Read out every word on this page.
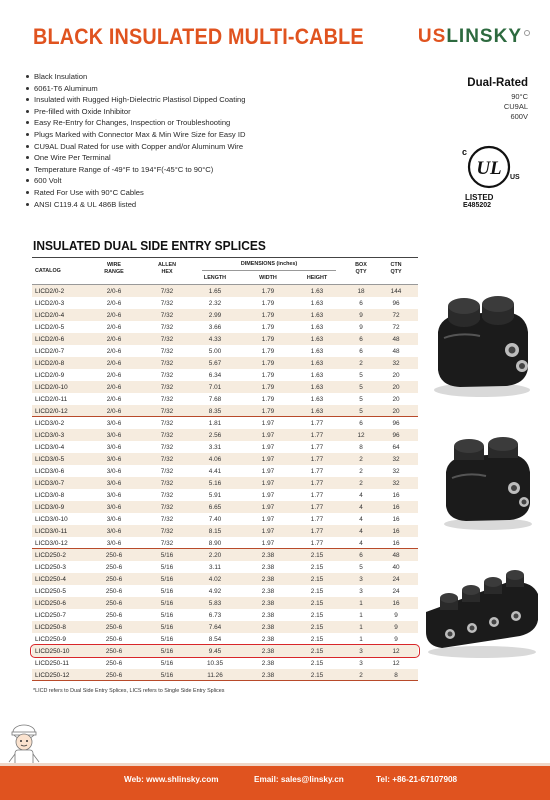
BLACK INSULATED MULTI-CABLE	USLINSKY
Black Insulation
6061-T6 Aluminum
Insulated with Rugged High-Dielectric Plastisol Dipped Coating
Pre-filled with Oxide Inhibitor
Easy Re-Entry for Changes, Inspection or Troubleshooting
Plugs Marked with Connector Max & Min Wire Size for Easy ID
CU9AL Dual Rated for use with Copper and/or Aluminum Wire
One Wire Per Terminal
Temperature Range of -49°F to 194°F(-45°C to 90°C)
600 Volt
Rated For Use with 90°C Cables
ANSI C119.4 & UL 486B listed
Dual-Rated
90°C
CU9AL
600V
UL
c
US
LISTED
E485202
INSULATED DUAL SIDE ENTRY SPLICES
CATALOG
WIRE
RANGE
ALLEN
HEX
DIMENSIONS (inches)
LENGTH	WIDTH	HEIGHT
BOX
QTY
CTN
QTY
LICD2/0-2	2/0-6	7/32	1.65	1.79	1.63	18	144
LICD2/0-3	2/0-6	7/32	2.32	1.79	1.63	6	96
LICD2/0-4	2/0-6	7/32	2.99	1.79	1.63	9	72
LICD2/0-5	2/0-6	7/32	3.66	1.79	1.63	9	72
LICD2/0-6	2/0-6	7/32	4.33	1.79	1.63	6	48
LICD2/0-7	2/0-6	7/32	5.00	1.79	1.63	6	48
LICD2/0-8	2/0-6	7/32	5.67	1.79	1.63	2	32
LICD2/0-9	2/0-6	7/32	6.34	1.79	1.63	5	20
LICD2/0-10	2/0-6	7/32	7.01	1.79	1.63	5	20
LICD2/0-11	2/0-6	7/32	7.68	1.79	1.63	5	20
LICD2/0-12	2/0-6	7/32	8.35	1.79	1.63	5	20
LICD3/0-2	3/0-6	7/32	1.81	1.97	1.77	6	96
LICD3/0-3	3/0-6	7/32	2.56	1.97	1.77	12	96
LICD3/0-4	3/0-6	7/32	3.31	1.97	1.77	8	64
LICD3/0-5	3/0-6	7/32	4.06	1.97	1.77	2	32
LICD3/0-6	3/0-6	7/32	4.41	1.97	1.77	2	32
LICD3/0-7	3/0-6	7/32	5.16	1.97	1.77	2	32
LICD3/0-8	3/0-6	7/32	5.91	1.97	1.77	4	16
LICD3/0-9	3/0-6	7/32	6.65	1.97	1.77	4	16
LICD3/0-10	3/0-6	7/32	7.40	1.97	1.77	4	16
LICD3/0-11	3/0-6	7/32	8.15	1.97	1.77	4	16
LICD3/0-12	3/0-6	7/32	8.90	1.97	1.77	4	16
LICD250-2	250-6	5/16	2.20	2.38	2.15	6	48
LICD250-3	250-6	5/16	3.11	2.38	2.15	5	40
LICD250-4	250-6	5/16	4.02	2.38	2.15	3	24
LICD250-5	250-6	5/16	4.92	2.38	2.15	3	24
LICD250-6	250-6	5/16	5.83	2.38	2.15	1	16
LICD250-7	250-6	5/16	6.73	2.38	2.15	1	9
LICD250-8	250-6	5/16	7.64	2.38	2.15	1	9
LICD250-9	250-6	5/16	8.54	2.38	2.15	1	9
LICD250-10	250-6	5/16	9.45	2.38	2.15	3	12
LICD250-11	250-6	5/16	10.35	2.38	2.15	3	12
LICD250-12	250-6	5/16	11.26	2.38	2.15	2	8
*LICD refers to Dual Side Entry Splices, LICS refers to Single Side Entry Splices
Web: www.shlinsky.com	Email: sales@linsky.cn	Tel: +86-21-67107908
